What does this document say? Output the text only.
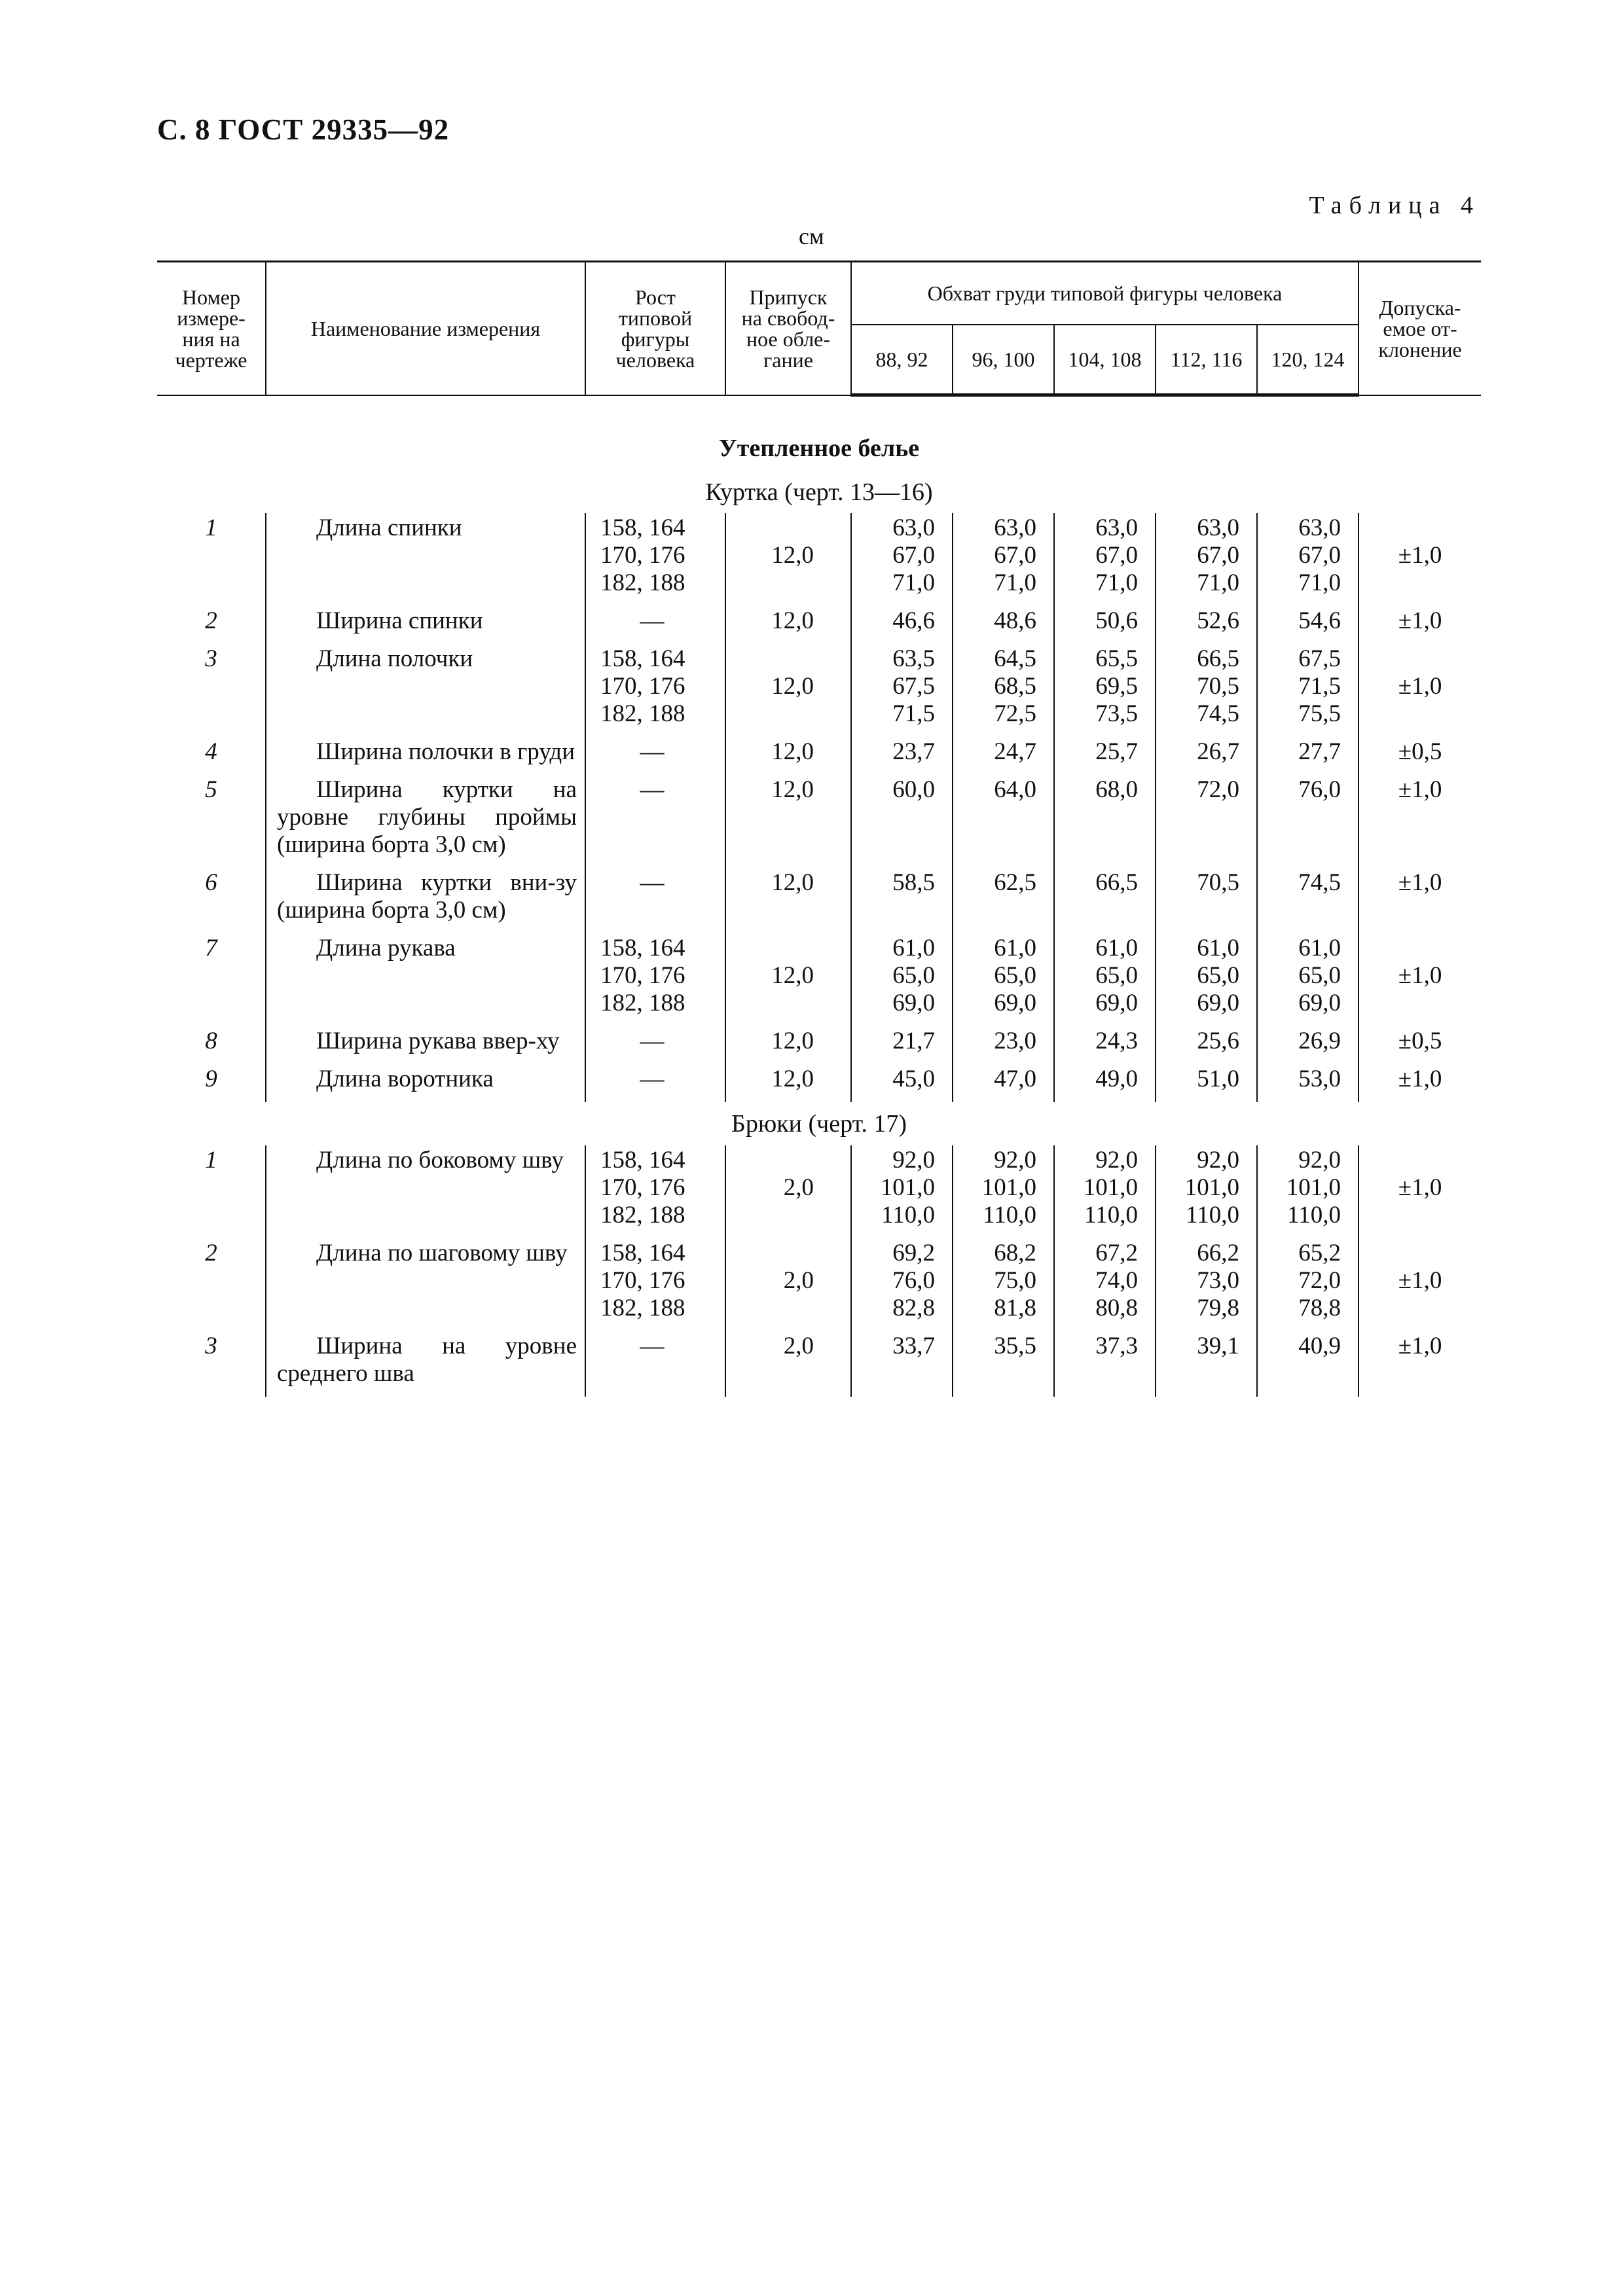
С. 8 ГОСТ 29335—92
Таблица 4
см
Номер
измере-
ния на
чертеже	Наименование измерения	Рост
типовой
фигуры
человека	Припуск
на свобод-
ное обле-
гание	Обхват груди типовой фигуры человека					Допуска-
емое от-
клонение
				88, 92	96, 100	104, 108	112, 116	120, 124	
Утепленное белье									
Куртка (черт. 13—16)									
1	Длина спинки	158, 164
170, 176
182, 188	12,0	63,0
67,0
71,0	63,0
67,0
71,0	63,0
67,0
71,0	63,0
67,0
71,0	63,0
67,0
71,0	±1,0
2	Ширина спинки	—	12,0	46,6	48,6	50,6	52,6	54,6	±1,0
3	Длина полочки	158, 164
170, 176
182, 188	12,0	63,5
67,5
71,5	64,5
68,5
72,5	65,5
69,5
73,5	66,5
70,5
74,5	67,5
71,5
75,5	±1,0
4	Ширина полочки в груди	—	12,0	23,7	24,7	25,7	26,7	27,7	±0,5
5	Ширина куртки на уровне глубины проймы (ширина борта 3,0 см)	—	12,0	60,0	64,0	68,0	72,0	76,0	±1,0
6	Ширина куртки вни-зу (ширина борта 3,0 см)	—	12,0	58,5	62,5	66,5	70,5	74,5	±1,0
7	Длина рукава	158, 164
170, 176
182, 188	12,0	61,0
65,0
69,0	61,0
65,0
69,0	61,0
65,0
69,0	61,0
65,0
69,0	61,0
65,0
69,0	±1,0
8	Ширина рукава ввер-ху	—	12,0	21,7	23,0	24,3	25,6	26,9	±0,5
9	Длина воротника	—	12,0	45,0	47,0	49,0	51,0	53,0	±1,0
Брюки (черт. 17)									
1	Длина по боковому шву	158, 164
170, 176
182, 188	2,0	92,0
101,0
110,0	92,0
101,0
110,0	92,0
101,0
110,0	92,0
101,0
110,0	92,0
101,0
110,0	±1,0
2	Длина по шаговому шву	158, 164
170, 176
182, 188	2,0	69,2
76,0
82,8	68,2
75,0
81,8	67,2
74,0
80,8	66,2
73,0
79,8	65,2
72,0
78,8	±1,0
3	Ширина на уровне среднего шва	—	2,0	33,7	35,5	37,3	39,1	40,9	±1,0
